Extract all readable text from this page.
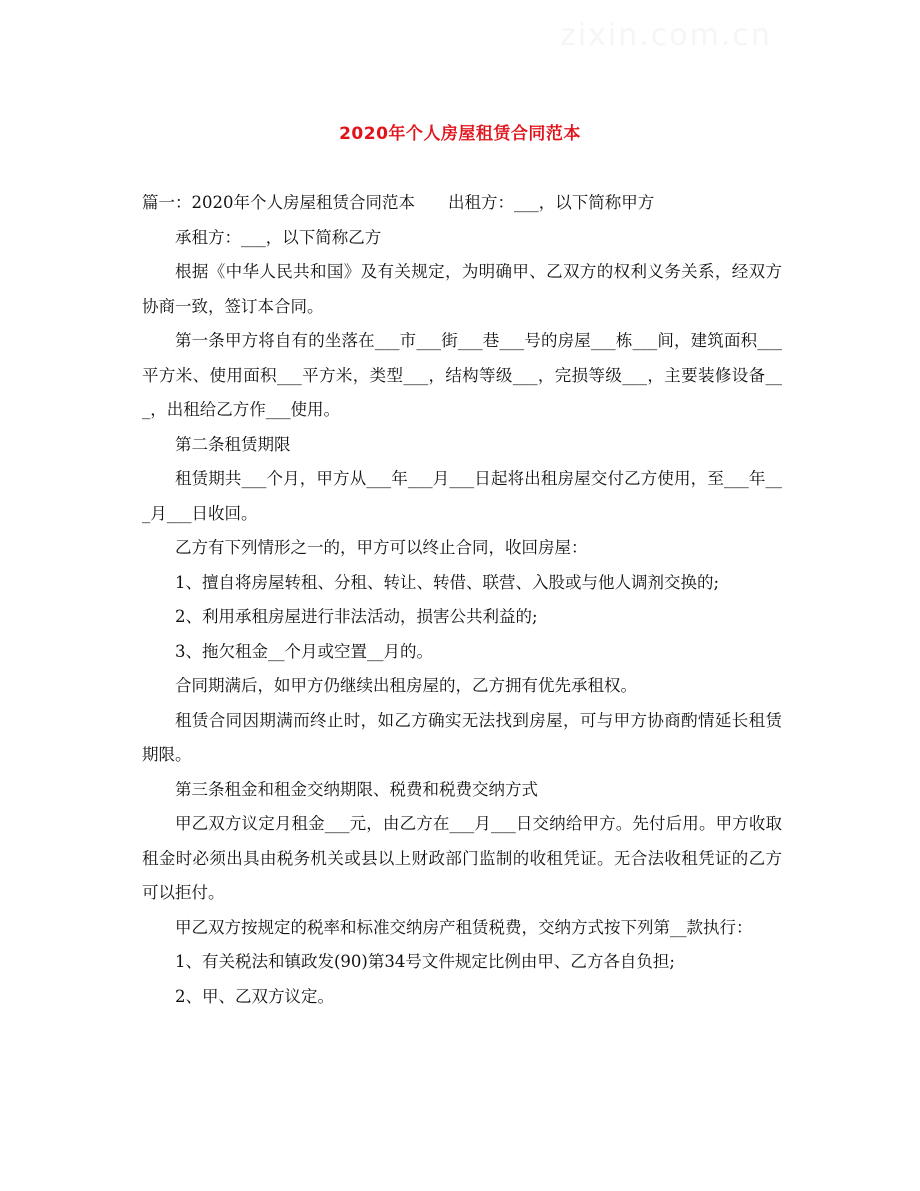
2020年个人房屋租赁合同范本

篇一：2020年个人房屋租赁合同范本　　出租方：___，以下简称甲方

承租方：___，以下简称乙方

根据《中华人民共和国》及有关规定，为明确甲、乙双方的权利义务关系，经双方协商一致，签订本合同。

第一条甲方将自有的坐落在___市___街___巷___号的房屋___栋___间，建筑面积___平方米、使用面积___平方米，类型___，结构等级___，完损等级___，主要装修设备___，出租给乙方作___使用。

第二条租赁期限

租赁期共___个月，甲方从___年___月___日起将出租房屋交付乙方使用，至___年___月___日收回。

乙方有下列情形之一的，甲方可以终止合同，收回房屋：

1、擅自将房屋转租、分租、转让、转借、联营、入股或与他人调剂交换的;

2、利用承租房屋进行非法活动，损害公共利益的;

3、拖欠租金__个月或空置__月的。

合同期满后，如甲方仍继续出租房屋的，乙方拥有优先承租权。

租赁合同因期满而终止时，如乙方确实无法找到房屋，可与甲方协商酌情延长租赁期限。

第三条租金和租金交纳期限、税费和税费交纳方式

甲乙双方议定月租金___元，由乙方在___月___日交纳给甲方。先付后用。甲方收取租金时必须出具由税务机关或县以上财政部门监制的收租凭证。无合法收租凭证的乙方可以拒付。

甲乙双方按规定的税率和标准交纳房产租赁税费，交纳方式按下列第__款执行：

1、有关税法和镇政发(90)第34号文件规定比例由甲、乙方各自负担;

2、甲、乙双方议定。
